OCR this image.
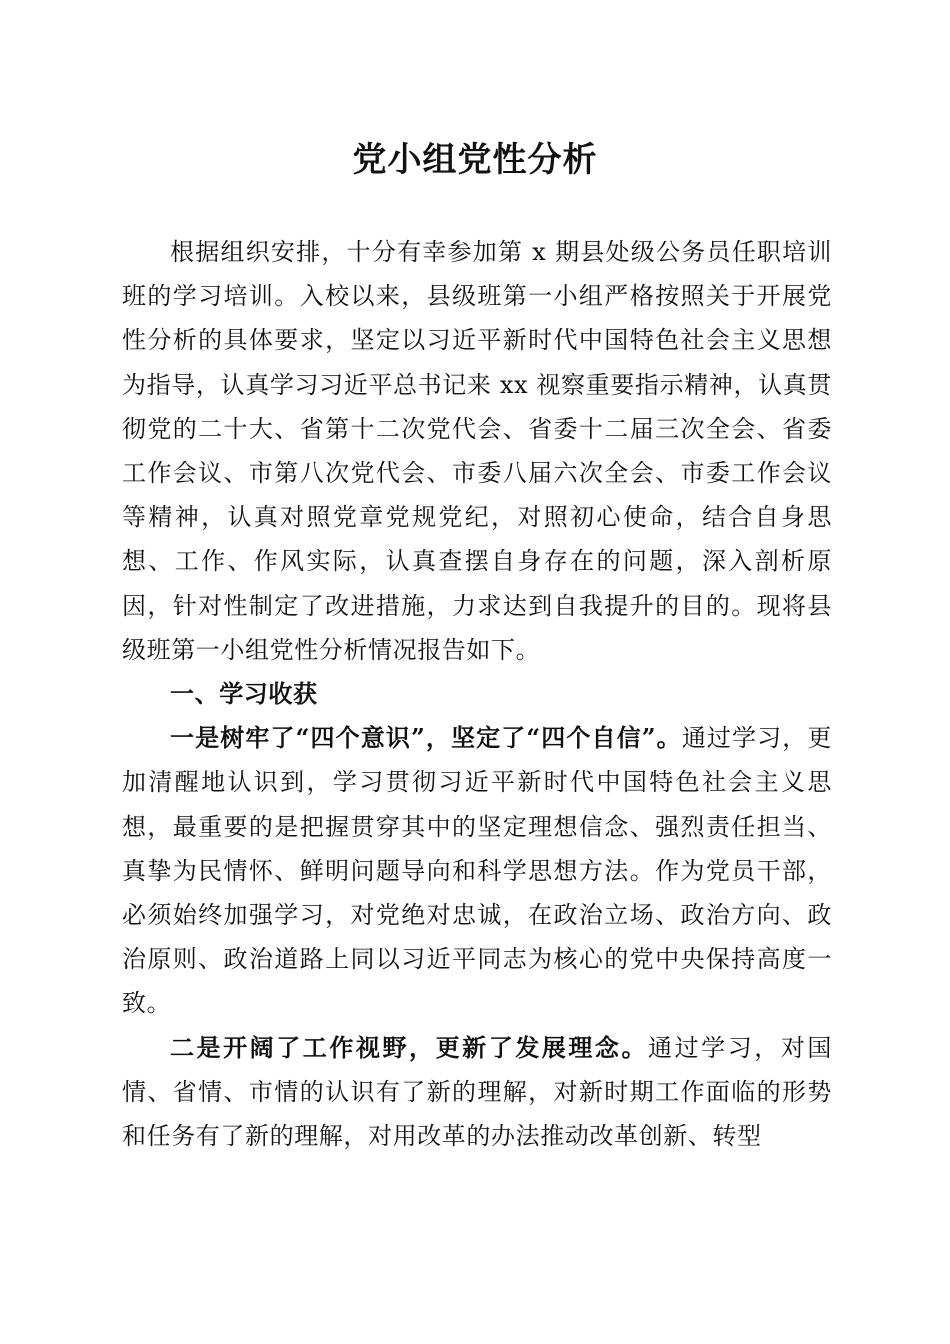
党小组党性分析

根据组织安排，十分有幸参加第 x 期县处级公务员任职培训班的学习培训。入校以来，县级班第一小组严格按照关于开展党性分析的具体要求，坚定以习近平新时代中国特色社会主义思想为指导，认真学习习近平总书记来 xx 视察重要指示精神，认真贯彻党的二十大、省第十二次党代会、省委十二届三次全会、省委工作会议、市第八次党代会、市委八届六次全会、市委工作会议等精神，认真对照党章党规党纪，对照初心使命，结合自身思想、工作、作风实际，认真查摆自身存在的问题，深入剖析原因，针对性制定了改进措施，力求达到自我提升的目的。现将县级班第一小组党性分析情况报告如下。

一、学习收获

一是树牢了“四个意识”，坚定了“四个自信”。通过学习，更加清醒地认识到，学习贯彻习近平新时代中国特色社会主义思想，最重要的是把握贯穿其中的坚定理想信念、强烈责任担当、真挚为民情怀、鲜明问题导向和科学思想方法。作为党员干部，必须始终加强学习，对党绝对忠诚，在政治立场、政治方向、政治原则、政治道路上同以习近平同志为核心的党中央保持高度一致。

二是开阔了工作视野，更新了发展理念。通过学习，对国情、省情、市情的认识有了新的理解，对新时期工作面临的形势和任务有了新的理解，对用改革的办法推动改革创新、转型
